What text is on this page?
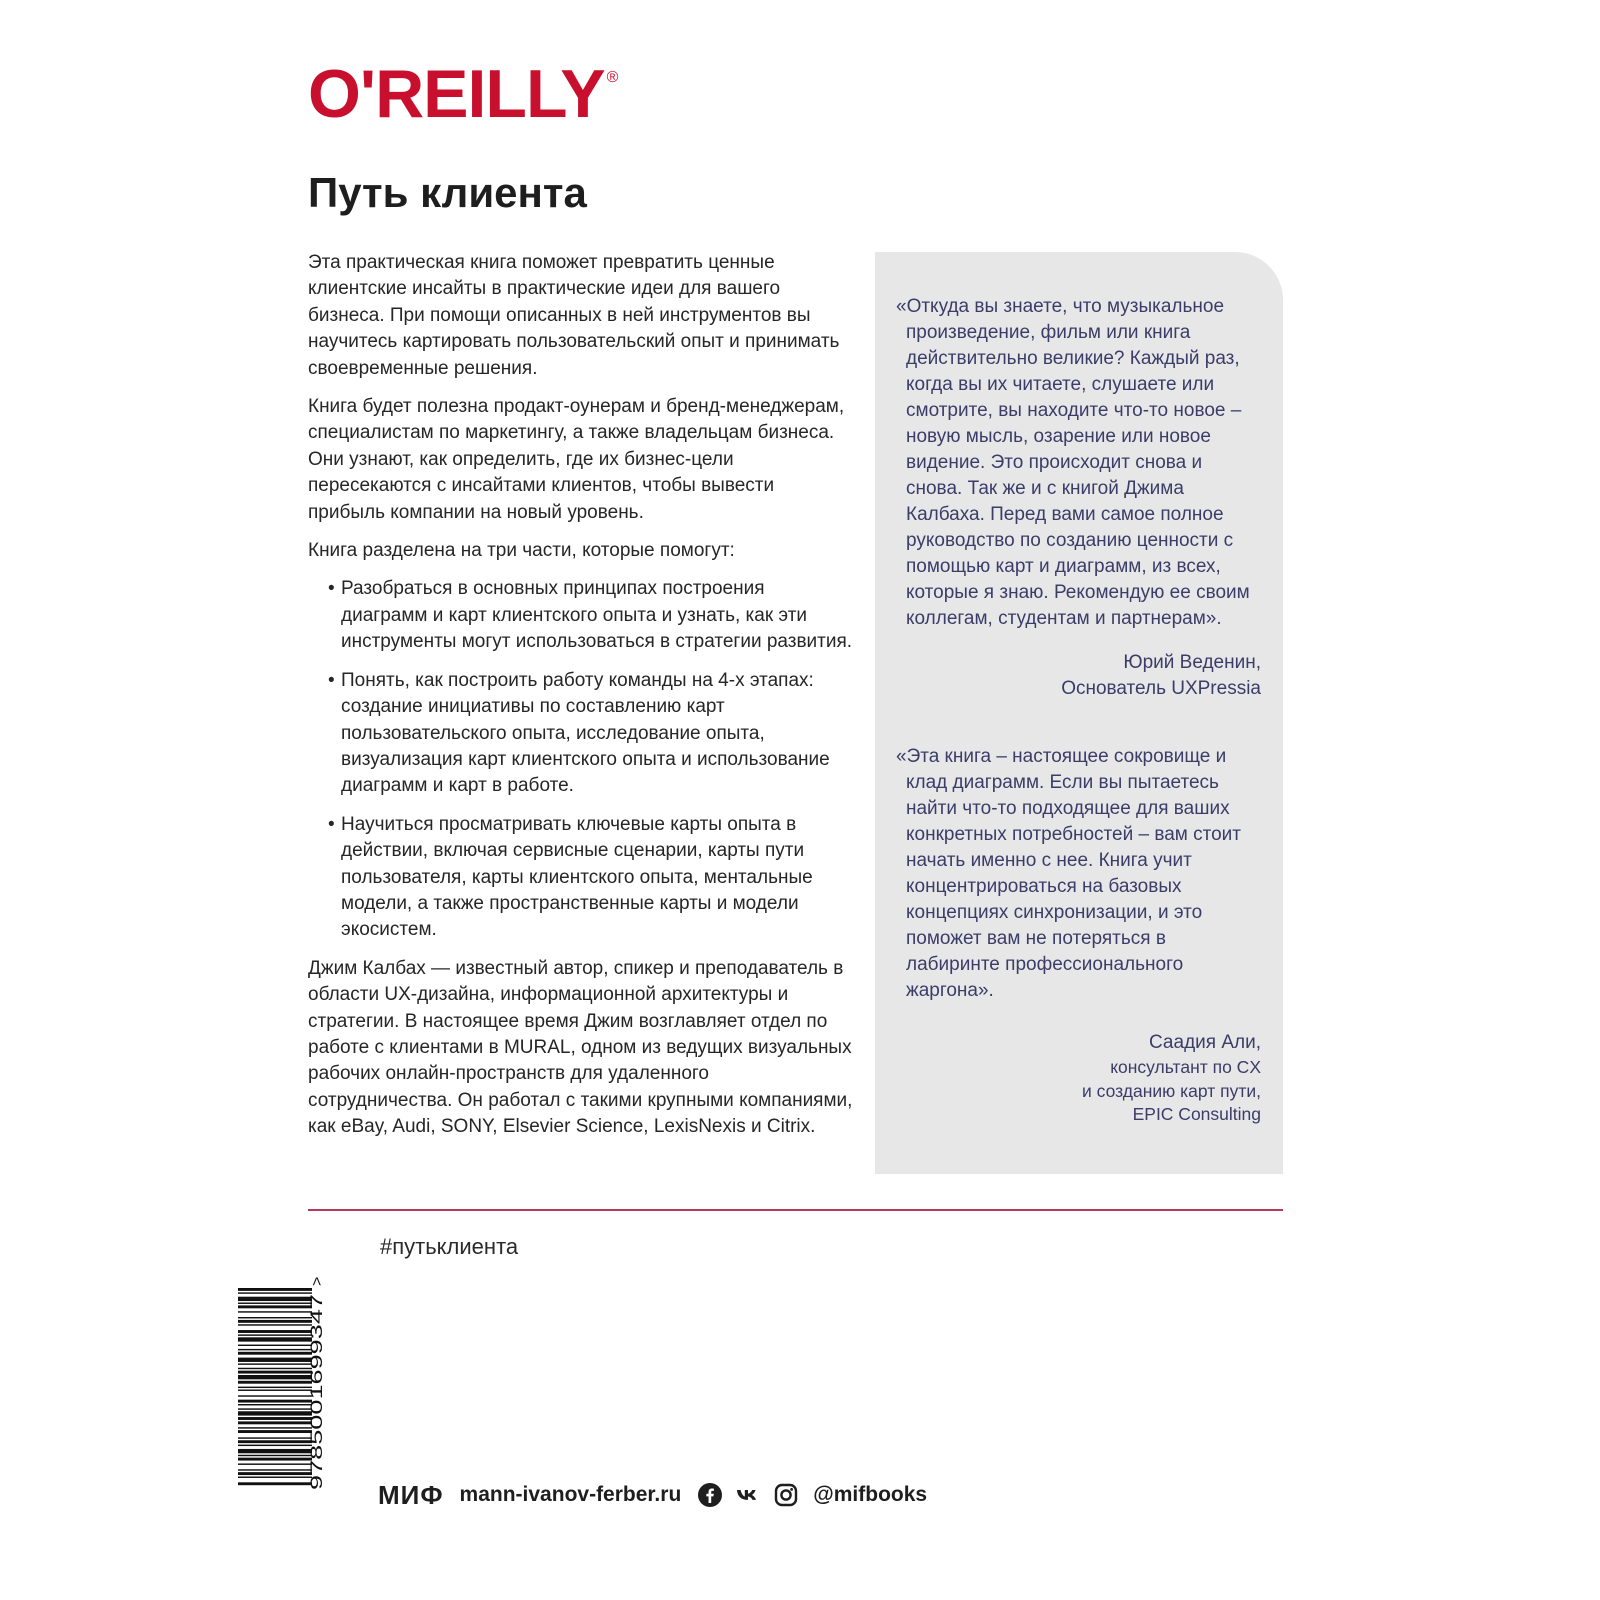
O'REILLY ®
Путь клиента

Эта практическая книга поможет превратить ценные клиентские инсайты в практические идеи для вашего бизнеса. При помощи описанных в ней инструментов вы научитесь картировать пользовательский опыт и принимать своевременные решения.

Книга будет полезна продакт-оунерам и бренд-менеджерам, специалистам по маркетингу, а также владельцам бизнеса. Они узнают, как определить, где их бизнес-цели пересекаются с инсайтами клиентов, чтобы вывести прибыль компании на новый уровень.

Книга разделена на три части, которые помогут:

• Разобраться в основных принципах построения диаграмм и карт клиентского опыта и узнать, как эти инструменты могут использоваться в стратегии развития.
• Понять, как построить работу команды на 4-х этапах: создание инициативы по составлению карт пользовательского опыта, исследование опыта, визуализация карт клиентского опыта и использование диаграмм и карт в работе.
• Научиться просматривать ключевые карты опыта в действии, включая сервисные сценарии, карты пути пользователя, карты клиентского опыта, ментальные модели, а также пространственные карты и модели экосистем.

Джим Калбах — известный автор, спикер и преподаватель в области UX-дизайна, информационной архитектуры и стратегии. В настоящее время Джим возглавляет отдел по работе с клиентами в MURAL, одном из ведущих визуальных рабочих онлайн-пространств для удаленного сотрудничества. Он работал с такими крупными компаниями, как eBay, Audi, SONY, Elsevier Science, LexisNexis и Citrix.

«Откуда вы знаете, что музыкальное произведение, фильм или книга действительно великие? Каждый раз, когда вы их читаете, слушаете или смотрите, вы находите что-то новое – новую мысль, озарение или новое видение. Это происходит снова и снова. Так же и с книгой Джима Калбаха. Перед вами самое полное руководство по созданию ценности с помощью карт и диаграмм, из всех, которые я знаю. Рекомендую ее своим коллегам, студентам и партнерам».

Юрий Веденин,
Основатель UXPressia

«Эта книга – настоящее сокровище и клад диаграмм. Если вы пытаетесь найти что-то подходящее для ваших конкретных потребностей – вам стоит начать именно с нее. Книга учит концентрироваться на базовых концепциях синхронизации, и это поможет вам не потеряться в лабиринте профессионального жаргона».

Саадия Али,
консультант по CX
и созданию карт пути,
EPIC Consulting

#путьклиента
9785001699347
>
МИФ mann-ivanov-ferber.ru	@mifbooks
